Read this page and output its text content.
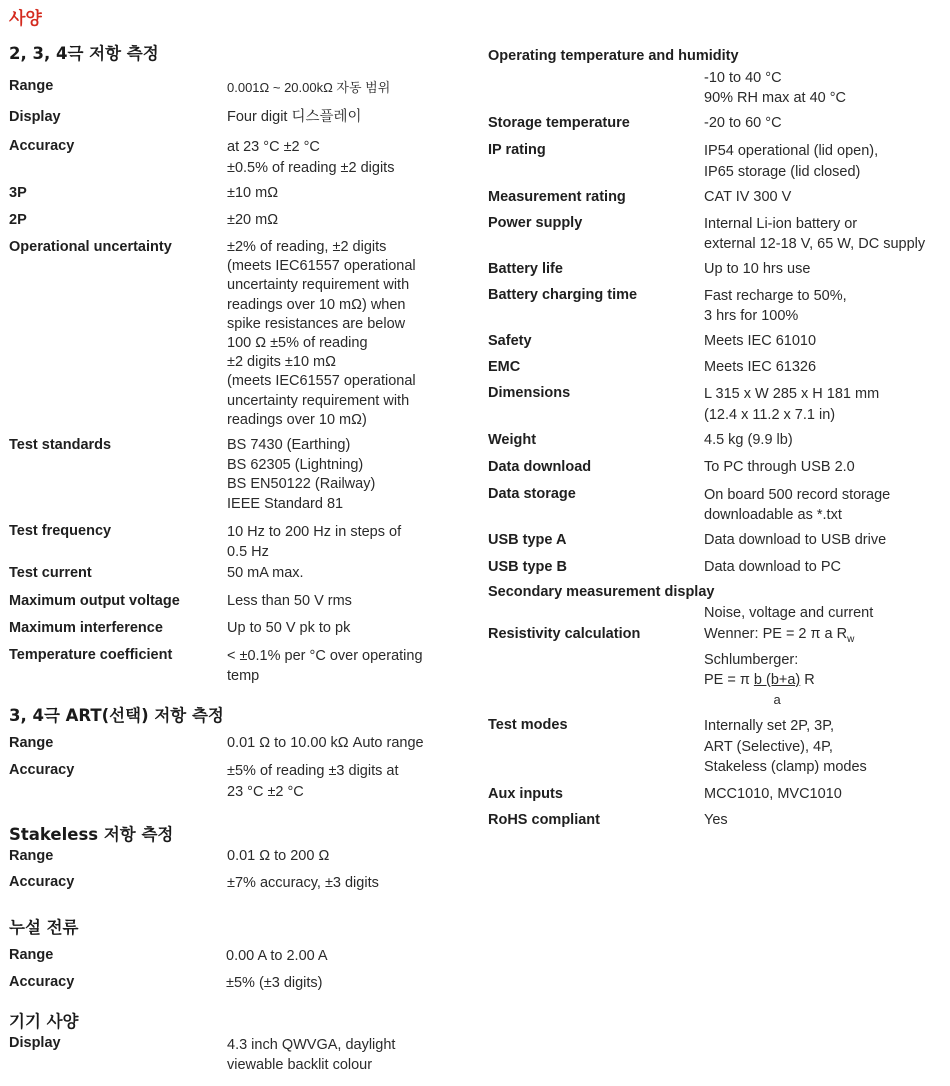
사양
2, 3, 4극 저항 측정
Range	0.001Ω ~ 20.00kΩ 자동 범위
Display	Four digit 디스플레이
Accuracy	at 23 °C ±2 °C
±0.5% of reading ±2 digits
3P	±10 mΩ
2P	±20 mΩ
Operational uncertainty	±2% of reading, ±2 digits
(meets IEC61557 operational
uncertainty requirement with
readings over 10 mΩ) when
spike resistances are below
100 Ω ±5% of reading
±2 digits ±10 mΩ
(meets IEC61557 operational
uncertainty requirement with
readings over 10 mΩ)
Test standards	BS 7430 (Earthing)
BS 62305 (Lightning)
BS EN50122 (Railway)
IEEE Standard 81
Test frequency	10 Hz to 200 Hz in steps of
0.5 Hz
Test current	50 mA max.
Maximum output voltage	Less than 50 V rms
Maximum interference	Up to 50 V pk to pk
Temperature coefficient	< ±0.1% per °C over operating
temp
3, 4극 ART(선택) 저항 측정
Range	0.01 Ω to 10.00 kΩ Auto range
Accuracy	±5% of reading ±3 digits at
23 °C ±2 °C
Stakeless 저항 측정
Range	0.01 Ω to 200 Ω
Accuracy	±7% accuracy, ±3 digits
누설 전류
Range	0.00 A to 2.00 A
Accuracy	±5% (±3 digits)
기기 사양
Display	4.3 inch QWVGA, daylight
viewable backlit colour
Operating temperature and humidity
-10 to 40 °C
90% RH max at 40 °C
Storage temperature	-20 to 60 °C
IP rating	IP54 operational (lid open),
IP65 storage (lid closed)
Measurement rating	CAT IV 300 V
Power supply	Internal Li-ion battery or
external 12-18 V, 65 W, DC supply
Battery life	Up to 10 hrs use
Battery charging time	Fast recharge to 50%,
3 hrs for 100%
Safety	Meets IEC 61010
EMC	Meets IEC 61326
Dimensions	L 315 x W 285 x H 181 mm
(12.4 x 11.2 x 7.1 in)
Weight	4.5 kg (9.9 lb)
Data download	To PC through USB 2.0
Data storage	On board 500 record storage
downloadable as *.txt
USB type A	Data download to USB drive
USB type B	Data download to PC
Secondary measurement display
Noise, voltage and current
Resistivity calculation	Wenner: PE = 2 π a $R_w$
Schlumberger:
PE = π $\frac{b (b+a)}{a}$ R
Test modes	Internally set 2P, 3P,
ART (Selective), 4P,
Stakeless (clamp) modes
Aux inputs	MCC1010, MVC1010
RoHS compliant	Yes
